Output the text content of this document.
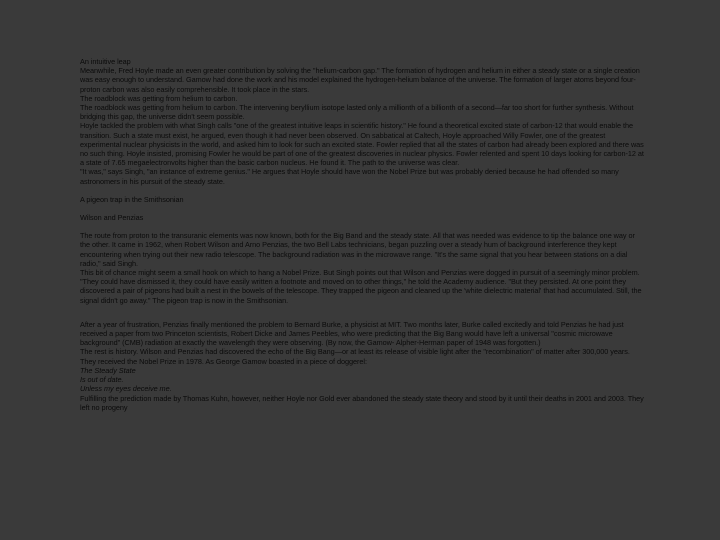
An intuitive leap

Meanwhile, Fred Hoyle made an even greater contribution by solving the "helium-carbon gap." The formation of hydrogen and helium in either a steady state or a single creation was easy enough to understand. Gamow had done the work and his model explained the hydrogen-helium balance of the universe. The formation of larger atoms beyond four-proton carbon was also easily comprehensible. It took place in the stars.

The roadblock was getting from helium to carbon.

The roadblock was getting from helium to carbon. The intervening beryllium isotope lasted only a millionth of a billionth of a second—far too short for further synthesis. Without bridging this gap, the universe didn't seem possible.

Hoyle tackled the problem with what Singh calls "one of the greatest intuitive leaps in scientific history." He found a theoretical excited state of carbon-12 that would enable the transition. Such a state must exist, he argued, even though it had never been observed. On sabbatical at Caltech, Hoyle approached Willy Fowler, one of the greatest experimental nuclear physicists in the world, and asked him to look for such an excited state. Fowler replied that all the states of carbon had already been explored and there was no such thing. Hoyle insisted, promising Fowler he would be part of one of the greatest discoveries in nuclear physics. Fowler relented and spent 10 days looking for carbon-12 at a state of 7.65 megaelectronvolts higher than the basic carbon nucleus. He found it. The path to the universe was clear.

"It was," says Singh, "an instance of extreme genius." He argues that Hoyle should have won the Nobel Prize but was probably denied because he had offended so many astronomers in his pursuit of the steady state.

A pigeon trap in the Smithsonian

Wilson and Penzias

The route from proton to the transuranic elements was now known, both for the Big Band and the steady state. All that was needed was evidence to tip the balance one way or the other. It came in 1962, when Robert Wilson and Arno Penzias, the two Bell Labs technicians, began puzzling over a steady hum of background interference they kept encountering when trying out their new radio telescope. The background radiation was in the microwave range. "It's the same signal that you hear between stations on a dial radio," said Singh.

This bit of chance might seem a small hook on which to hang a Nobel Prize. But Singh points out that Wilson and Penzias were dogged in pursuit of a seemingly minor problem. "They could have dismissed it, they could have easily written a footnote and moved on to other things," he told the Academy audience. "But they persisted. At one point they discovered a pair of pigeons had built a nest in the bowels of the telescope. They trapped the pigeon and cleaned up the 'white dielectric material' that had accumulated. Still, the signal didn't go away." The pigeon trap is now in the Smithsonian.

After a year of frustration, Penzias finally mentioned the problem to Bernard Burke, a physicist at MIT. Two months later, Burke called excitedly and told Penzias he had just received a paper from two Princeton scientists, Robert Dicke and James Peebles, who were predicting that the Big Bang would have left a universal "cosmic microwave background" (CMB) radiation at exactly the wavelength they were observing. (By now, the Gamow- Alpher-Herman paper of 1948 was forgotten.)

The rest is history. Wilson and Penzias had discovered the echo of the Big Bang—or at least its release of visible light after the "recombination" of matter after 300,000 years. They received the Nobel Prize in 1978. As George Gamow boasted in a piece of doggerel:

The Steady State

Is out of date.

Unless my eyes deceive me.

Fulfilling the prediction made by Thomas Kuhn, however, neither Hoyle nor Gold ever abandoned the steady state theory and stood by it until their deaths in 2001 and 2003. They left no progeny
